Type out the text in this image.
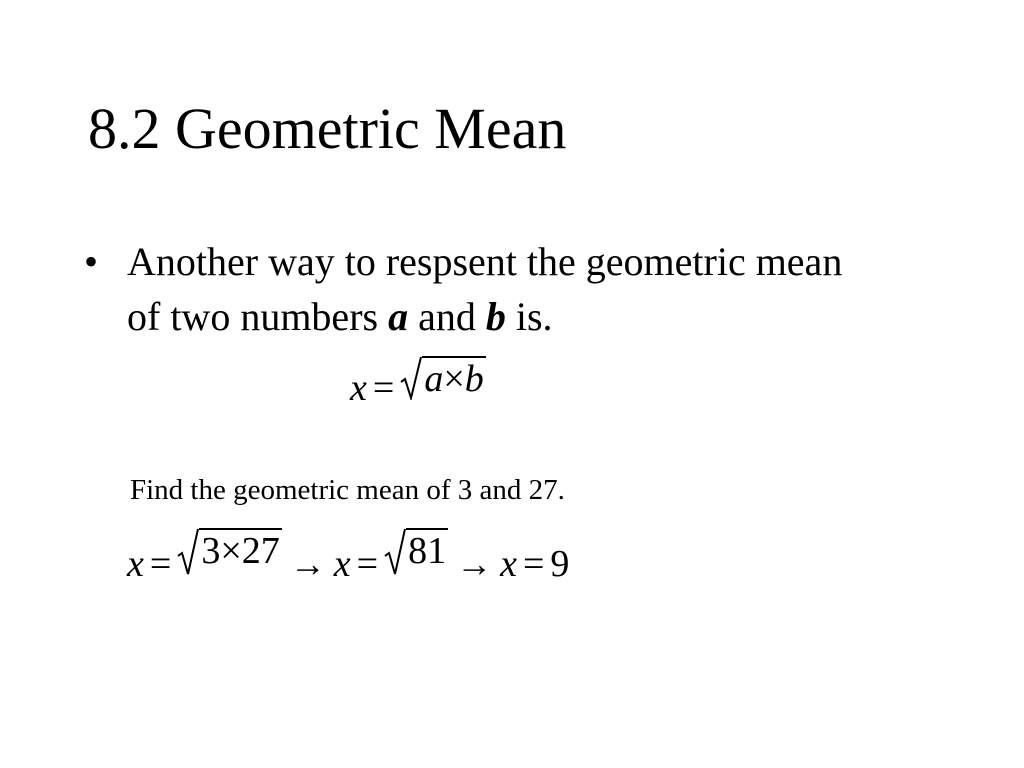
8.2 Geometric Mean
• Another way to respsent the geometric mean of two numbers a and b is.
x = a×b
Find the geometric mean of 3 and 27.
x = 3×27 → x = 81 → x = 9
